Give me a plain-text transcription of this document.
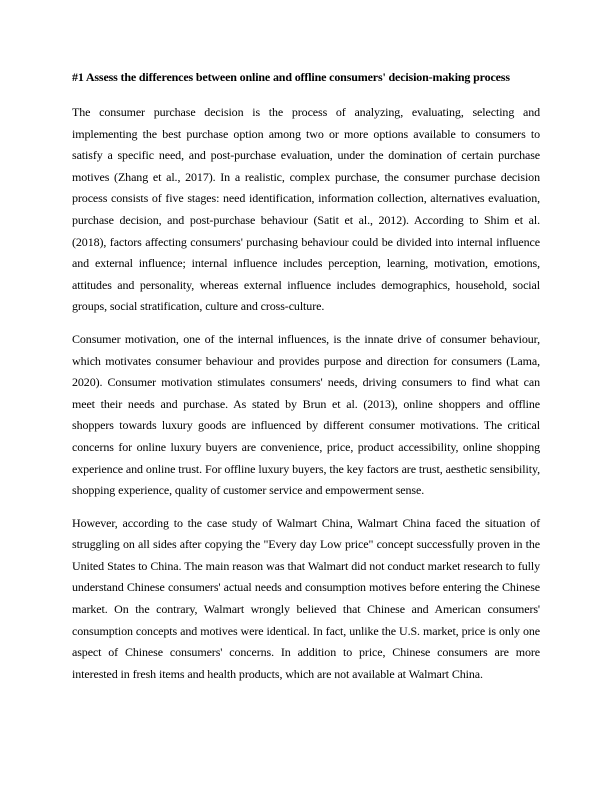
#1 Assess the differences between online and offline consumers' decision-making process

The consumer purchase decision is the process of analyzing, evaluating, selecting and implementing the best purchase option among two or more options available to consumers to satisfy a specific need, and post-purchase evaluation, under the domination of certain purchase motives (Zhang et al., 2017). In a realistic, complex purchase, the consumer purchase decision process consists of five stages: need identification, information collection, alternatives evaluation, purchase decision, and post-purchase behaviour (Satit et al., 2012). According to Shim et al. (2018), factors affecting consumers' purchasing behaviour could be divided into internal influence and external influence; internal influence includes perception, learning, motivation, emotions, attitudes and personality, whereas external influence includes demographics, household, social groups, social stratification, culture and cross-culture.

Consumer motivation, one of the internal influences, is the innate drive of consumer behaviour, which motivates consumer behaviour and provides purpose and direction for consumers (Lama, 2020). Consumer motivation stimulates consumers' needs, driving consumers to find what can meet their needs and purchase. As stated by Brun et al. (2013), online shoppers and offline shoppers towards luxury goods are influenced by different consumer motivations. The critical concerns for online luxury buyers are convenience, price, product accessibility, online shopping experience and online trust. For offline luxury buyers, the key factors are trust, aesthetic sensibility, shopping experience, quality of customer service and empowerment sense.

However, according to the case study of Walmart China, Walmart China faced the situation of struggling on all sides after copying the "Every day Low price" concept successfully proven in the United States to China. The main reason was that Walmart did not conduct market research to fully understand Chinese consumers' actual needs and consumption motives before entering the Chinese market. On the contrary, Walmart wrongly believed that Chinese and American consumers' consumption concepts and motives were identical. In fact, unlike the U.S. market, price is only one aspect of Chinese consumers' concerns. In addition to price, Chinese consumers are more interested in fresh items and health products, which are not available at Walmart China.
